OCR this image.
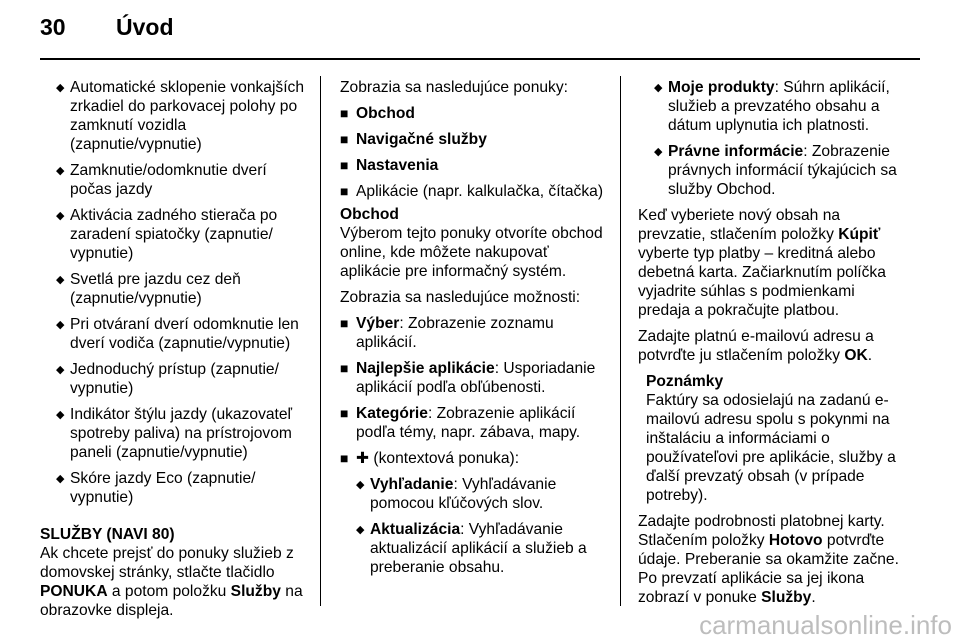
30 Úvod
◆ Automatické sklopenie vonkajších zrkadiel do parkovacej polohy po zamknutí vozidla (zapnutie/vypnutie)
◆ Zamknutie/odomknutie dverí počas jazdy
◆ Aktivácia zadného stierača po zaradení spiatočky (zapnutie/ vypnutie)
◆ Svetlá pre jazdu cez deň (zapnutie/vypnutie)
◆ Pri otváraní dverí odomknutie len dverí vodiča (zapnutie/vypnutie)
◆ Jednoduchý prístup (zapnutie/ vypnutie)
◆ Indikátor štýlu jazdy (ukazovateľ spotreby paliva) na prístrojovom paneli (zapnutie/vypnutie)
◆ Skóre jazdy Eco (zapnutie/ vypnutie)
SLUŽBY (NAVI 80)

Ak chcete prejsť do ponuky služieb z domovskej stránky, stlačte tlačidlo PONUKA a potom položku Služby na obrazovke displeja.

Zobrazia sa nasledujúce ponuky:

■ Obchod
■ Navigačné služby
■ Nastavenia
■ Aplikácie (napr. kalkulačka, čítačka)
Obchod

Výberom tejto ponuky otvoríte obchod online, kde môžete nakupovať aplikácie pre informačný systém.

Zobrazia sa nasledujúce možnosti:

■ Výber: Zobrazenie zoznamu aplikácií.
■ Najlepšie aplikácie: Usporiadanie aplikácií podľa obľúbenosti.
■ Kategórie: Zobrazenie aplikácií podľa témy, napr. zábava, mapy.
■ ✚ (kontextová ponuka):
◆ Vyhľadanie: Vyhľadávanie pomocou kľúčových slov.
◆ Aktualizácia: Vyhľadávanie aktualizácií aplikácií a služieb a preberanie obsahu.
◆ Moje produkty: Súhrn aplikácií, služieb a prevzatého obsahu a dátum uplynutia ich platnosti.
◆ Právne informácie: Zobrazenie právnych informácií týkajúcich sa služby Obchod.

Keď vyberiete nový obsah na prevzatie, stlačením položky Kúpiť vyberte typ platby – kreditná alebo debetná karta. Začiarknutím políčka vyjadrite súhlas s podmienkami predaja a pokračujte platbou.

Zadajte platnú e-mailovú adresu a potvrďte ju stlačením položky OK.

Poznámky
Faktúry sa odosielajú na zadanú e-mailovú adresu spolu s pokynmi na inštaláciu a informáciami o používateľovi pre aplikácie, služby a ďalší prevzatý obsah (v prípade potreby).
Zadajte podrobnosti platobnej karty.
Stlačením položky Hotovo potvrďte údaje. Preberanie sa okamžite začne. Po prevzatí aplikácie sa jej ikona zobrazí v ponuke Služby.
carmanualsonline.info
